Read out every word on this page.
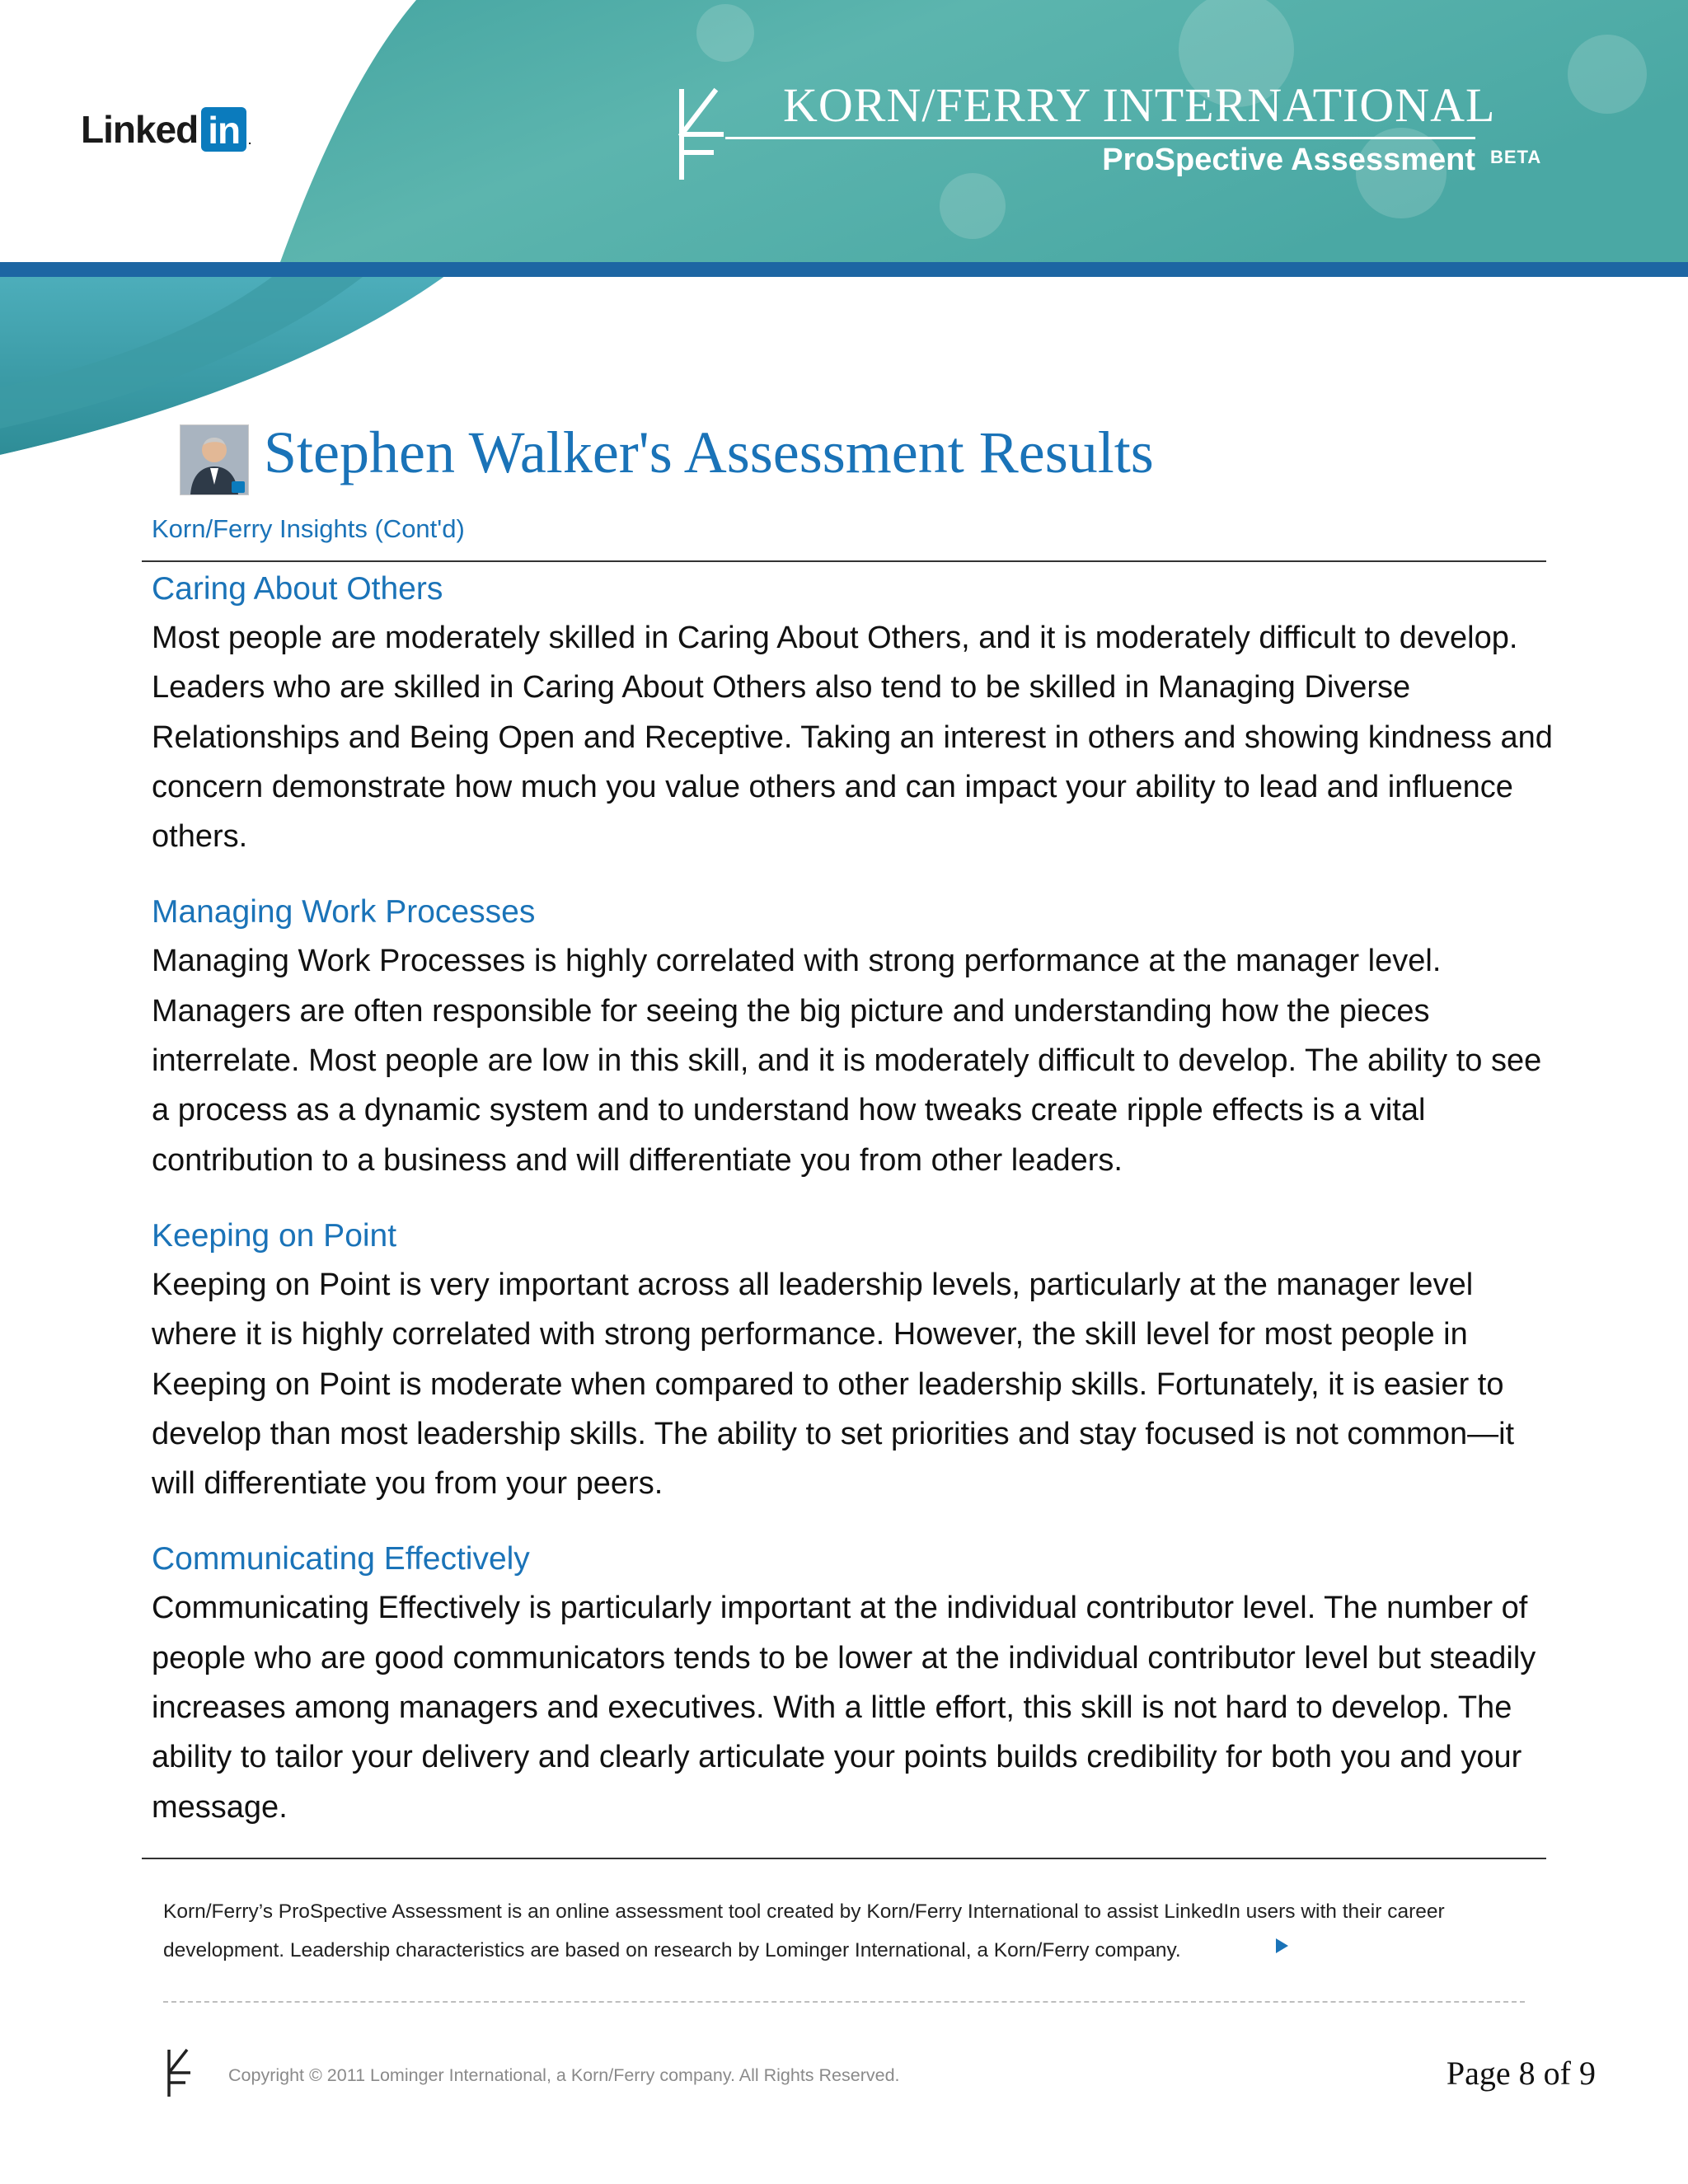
Linked in .
KORN/FERRY INTERNATIONAL
ProSpective Assessment BETA
Stephen Walker's Assessment Results
Korn/Ferry Insights (Cont'd)
Caring About Others

Most people are moderately skilled in Caring About Others, and it is moderately difficult to develop. Leaders who are skilled in Caring About Others also tend to be skilled in Managing Diverse Relationships and Being Open and Receptive. Taking an interest in others and showing kindness and concern demonstrate how much you value others and can impact your ability to lead and influence others.

Managing Work Processes

Managing Work Processes is highly correlated with strong performance at the manager level. Managers are often responsible for seeing the big picture and understanding how the pieces interrelate. Most people are low in this skill, and it is moderately difficult to develop. The ability to see a process as a dynamic system and to understand how tweaks create ripple effects is a vital contribution to a business and will differentiate you from other leaders.

Keeping on Point

Keeping on Point is very important across all leadership levels, particularly at the manager level where it is highly correlated with strong performance. However, the skill level for most people in Keeping on Point is moderate when compared to other leadership skills. Fortunately, it is easier to develop than most leadership skills. The ability to set priorities and stay focused is not common—it will differentiate you from your peers.

Communicating Effectively

Communicating Effectively is particularly important at the individual contributor level. The number of people who are good communicators tends to be lower at the individual contributor level but steadily increases among managers and executives. With a little effort, this skill is not hard to develop. The ability to tailor your delivery and clearly articulate your points builds credibility for both you and your message.

Korn/Ferry’s ProSpective Assessment is an online assessment tool created by Korn/Ferry International to assist LinkedIn users with their career
development. Leadership characteristics are based on research by Lominger International, a Korn/Ferry company.
Copyright © 2011 Lominger International, a Korn/Ferry company. All Rights Reserved.	Page 8 of 9
